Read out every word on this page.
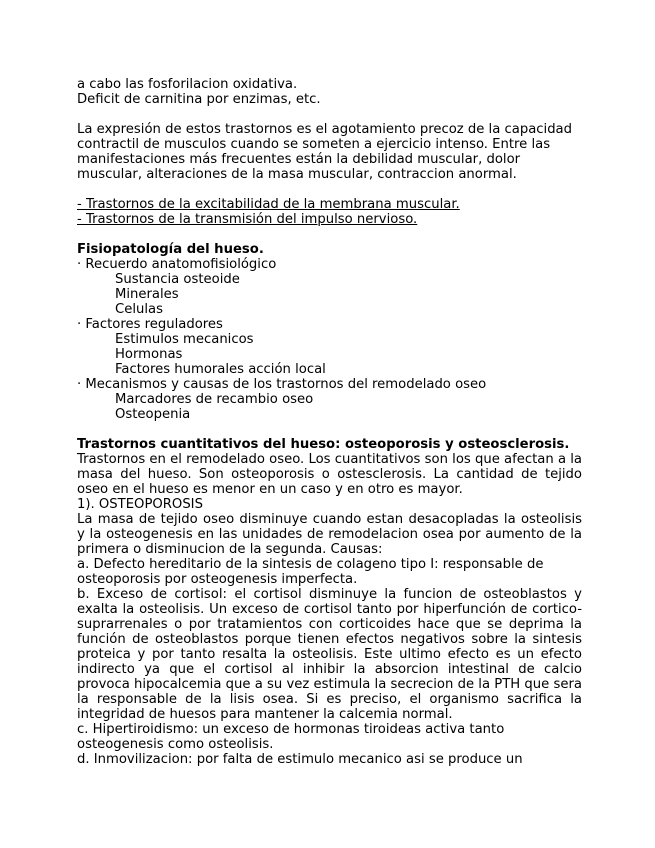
a cabo las fosforilacion oxidativa.

Deficit de carnitina por enzimas, etc.

La expresión de estos trastornos es el agotamiento precoz de la capacidad contractil de musculos cuando se someten a ejercicio intenso. Entre las manifestaciones más frecuentes están la debilidad muscular, dolor muscular, alteraciones de la masa muscular, contraccion anormal.

- Trastornos de la excitabilidad de la membrana muscular.

- Trastornos de la transmisión del impulso nervioso.

Fisiopatología del hueso.

· Recuerdo anatomofisiológico

Sustancia osteoide

Minerales

Celulas

· Factores reguladores

Estimulos mecanicos

Hormonas

Factores humorales acción local

· Mecanismos y causas de los trastornos del remodelado oseo

Marcadores de recambio oseo

Osteopenia

Trastornos cuantitativos del hueso: osteoporosis y osteosclerosis.

Trastornos en el remodelado oseo. Los cuantitativos son los que afectan a la masa del hueso. Son osteoporosis o ostesclerosis. La cantidad de tejido oseo en el hueso es menor en un caso y en otro es mayor.

1). OSTEOPOROSIS

La masa de tejido oseo disminuye cuando estan desacopladas la osteolisis y la osteogenesis en las unidades de remodelacion osea por aumento de la primera o disminucion de la segunda. Causas:

a. Defecto hereditario de la sintesis de colageno tipo I: responsable de osteoporosis por osteogenesis imperfecta.

b. Exceso de cortisol: el cortisol disminuye la funcion de osteoblastos y exalta la osteolisis. Un exceso de cortisol tanto por hiperfunción de cortico-suprarrenales o por tratamientos con corticoides hace que se deprima la función de osteoblastos porque tienen efectos negativos sobre la sintesis proteica y por tanto resalta la osteolisis. Este ultimo efecto es un efecto indirecto ya que el cortisol al inhibir la absorcion intestinal de calcio provoca hipocalcemia que a su vez estimula la secrecion de la PTH que sera la responsable de la lisis osea. Si es preciso, el organismo sacrifica la integridad de huesos para mantener la calcemia normal.

c. Hipertiroidismo: un exceso de hormonas tiroideas activa tanto osteogenesis como osteolisis.

d. Inmovilizacion: por falta de estimulo mecanico asi se produce un
